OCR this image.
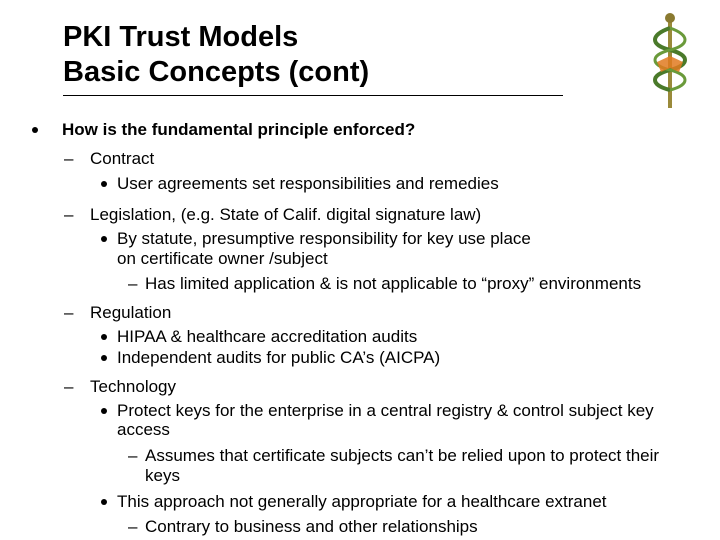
PKI Trust Models
Basic Concepts (cont)
How is the fundamental principle enforced?
– Contract
User agreements set responsibilities and remedies
– Legislation, (e.g. State of Calif. digital signature law)
By statute, presumptive responsibility for key use place
on certificate owner /subject
– Has limited application & is not applicable to “proxy” environments
– Regulation
HIPAA & healthcare accreditation audits
Independent audits for public CA’s (AICPA)
– Technology
Protect keys for the enterprise in a central registry & control subject key
access
– Assumes that certificate subjects can’t be relied upon to protect their
keys
This approach not generally appropriate for a healthcare extranet
– Contrary to business and other relationships
